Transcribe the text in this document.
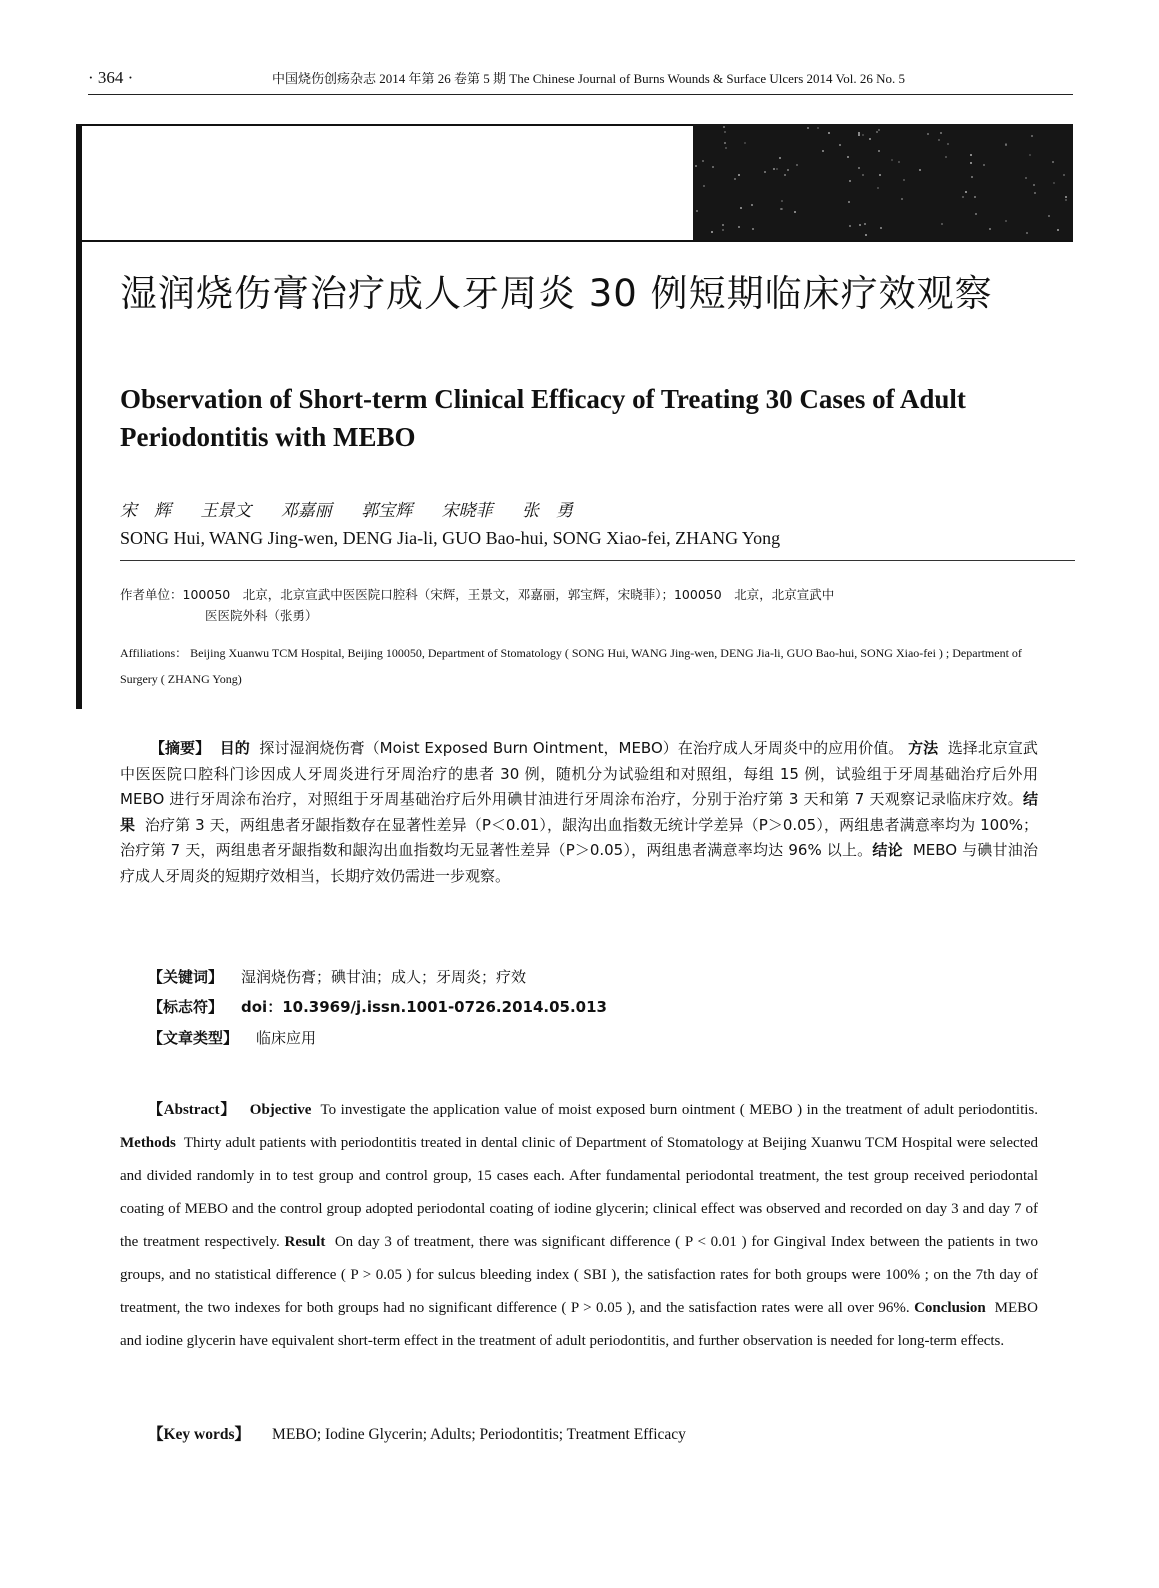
· 364 ·	中国烧伤创疡杂志 2014 年第 26 卷第 5 期 The Chinese Journal of Burns Wounds & Surface Ulcers 2014 Vol. 26 No. 5
湿润烧伤膏治疗成人牙周炎 30 例短期临床疗效观察
Observation of Short-term Clinical Efficacy of Treating 30 Cases of Adult Periodontitis with MEBO
宋　辉 王景文 邓嘉丽 郭宝辉 宋晓菲 张　勇
SONG Hui, WANG Jing-wen, DENG Jia-li, GUO Bao-hui, SONG Xiao-fei, ZHANG Yong
作者单位：100050　北京，北京宣武中医医院口腔科（宋辉，王景文，邓嘉丽，郭宝辉，宋晓菲）；100050　北京，北京宣武中
医医院外科（张勇）
Affiliations： Beijing Xuanwu TCM Hospital, Beijing 100050, Department of Stomatology ( SONG Hui, WANG Jing-wen, DENG Jia-li, GUO Bao-hui, SONG Xiao-fei ) ; Department of Surgery ( ZHANG Yong)
【摘要】 目的 探讨湿润烧伤膏（Moist Exposed Burn Ointment，MEBO）在治疗成人牙周炎中的应用价值。 方法 选择北京宣武中医医院口腔科门诊因成人牙周炎进行牙周治疗的患者 30 例，随机分为试验组和对照组，每组 15 例，试验组于牙周基础治疗后外用 MEBO 进行牙周涂布治疗，对照组于牙周基础治疗后外用碘甘油进行牙周涂布治疗，分别于治疗第 3 天和第 7 天观察记录临床疗效。结果 治疗第 3 天，两组患者牙龈指数存在显著性差异（P＜0.01），龈沟出血指数无统计学差异（P＞0.05），两组患者满意率均为 100%；治疗第 7 天，两组患者牙龈指数和龈沟出血指数均无显著性差异（P＞0.05），两组患者满意率均达 96% 以上。结论 MEBO 与碘甘油治疗成人牙周炎的短期疗效相当，长期疗效仍需进一步观察。
【关键词】 湿润烧伤膏；碘甘油；成人；牙周炎；疗效
【标志符】 doi：10.3969/j.issn.1001-0726.2014.05.013
【文章类型】 临床应用
【Abstract】 Objective To investigate the application value of moist exposed burn ointment ( MEBO ) in the treatment of adult periodontitis. Methods Thirty adult patients with periodontitis treated in dental clinic of Department of Stomatology at Beijing Xuanwu TCM Hospital were selected and divided randomly in to test group and control group, 15 cases each. After fundamental periodontal treatment, the test group received periodontal coating of MEBO and the control group adopted periodontal coating of iodine glycerin; clinical effect was observed and recorded on day 3 and day 7 of the treatment respectively. Result On day 3 of treatment, there was significant difference ( P < 0.01 ) for Gingival Index between the patients in two groups, and no statistical difference ( P > 0.05 ) for sulcus bleeding index ( SBI ), the satisfaction rates for both groups were 100% ; on the 7th day of treatment, the two indexes for both groups had no significant difference ( P > 0.05 ), and the satisfaction rates were all over 96%. Conclusion MEBO and iodine glycerin have equivalent short-term effect in the treatment of adult periodontitis, and further observation is needed for long-term effects.
【Key words】 MEBO; Iodine Glycerin; Adults; Periodontitis; Treatment Efficacy
